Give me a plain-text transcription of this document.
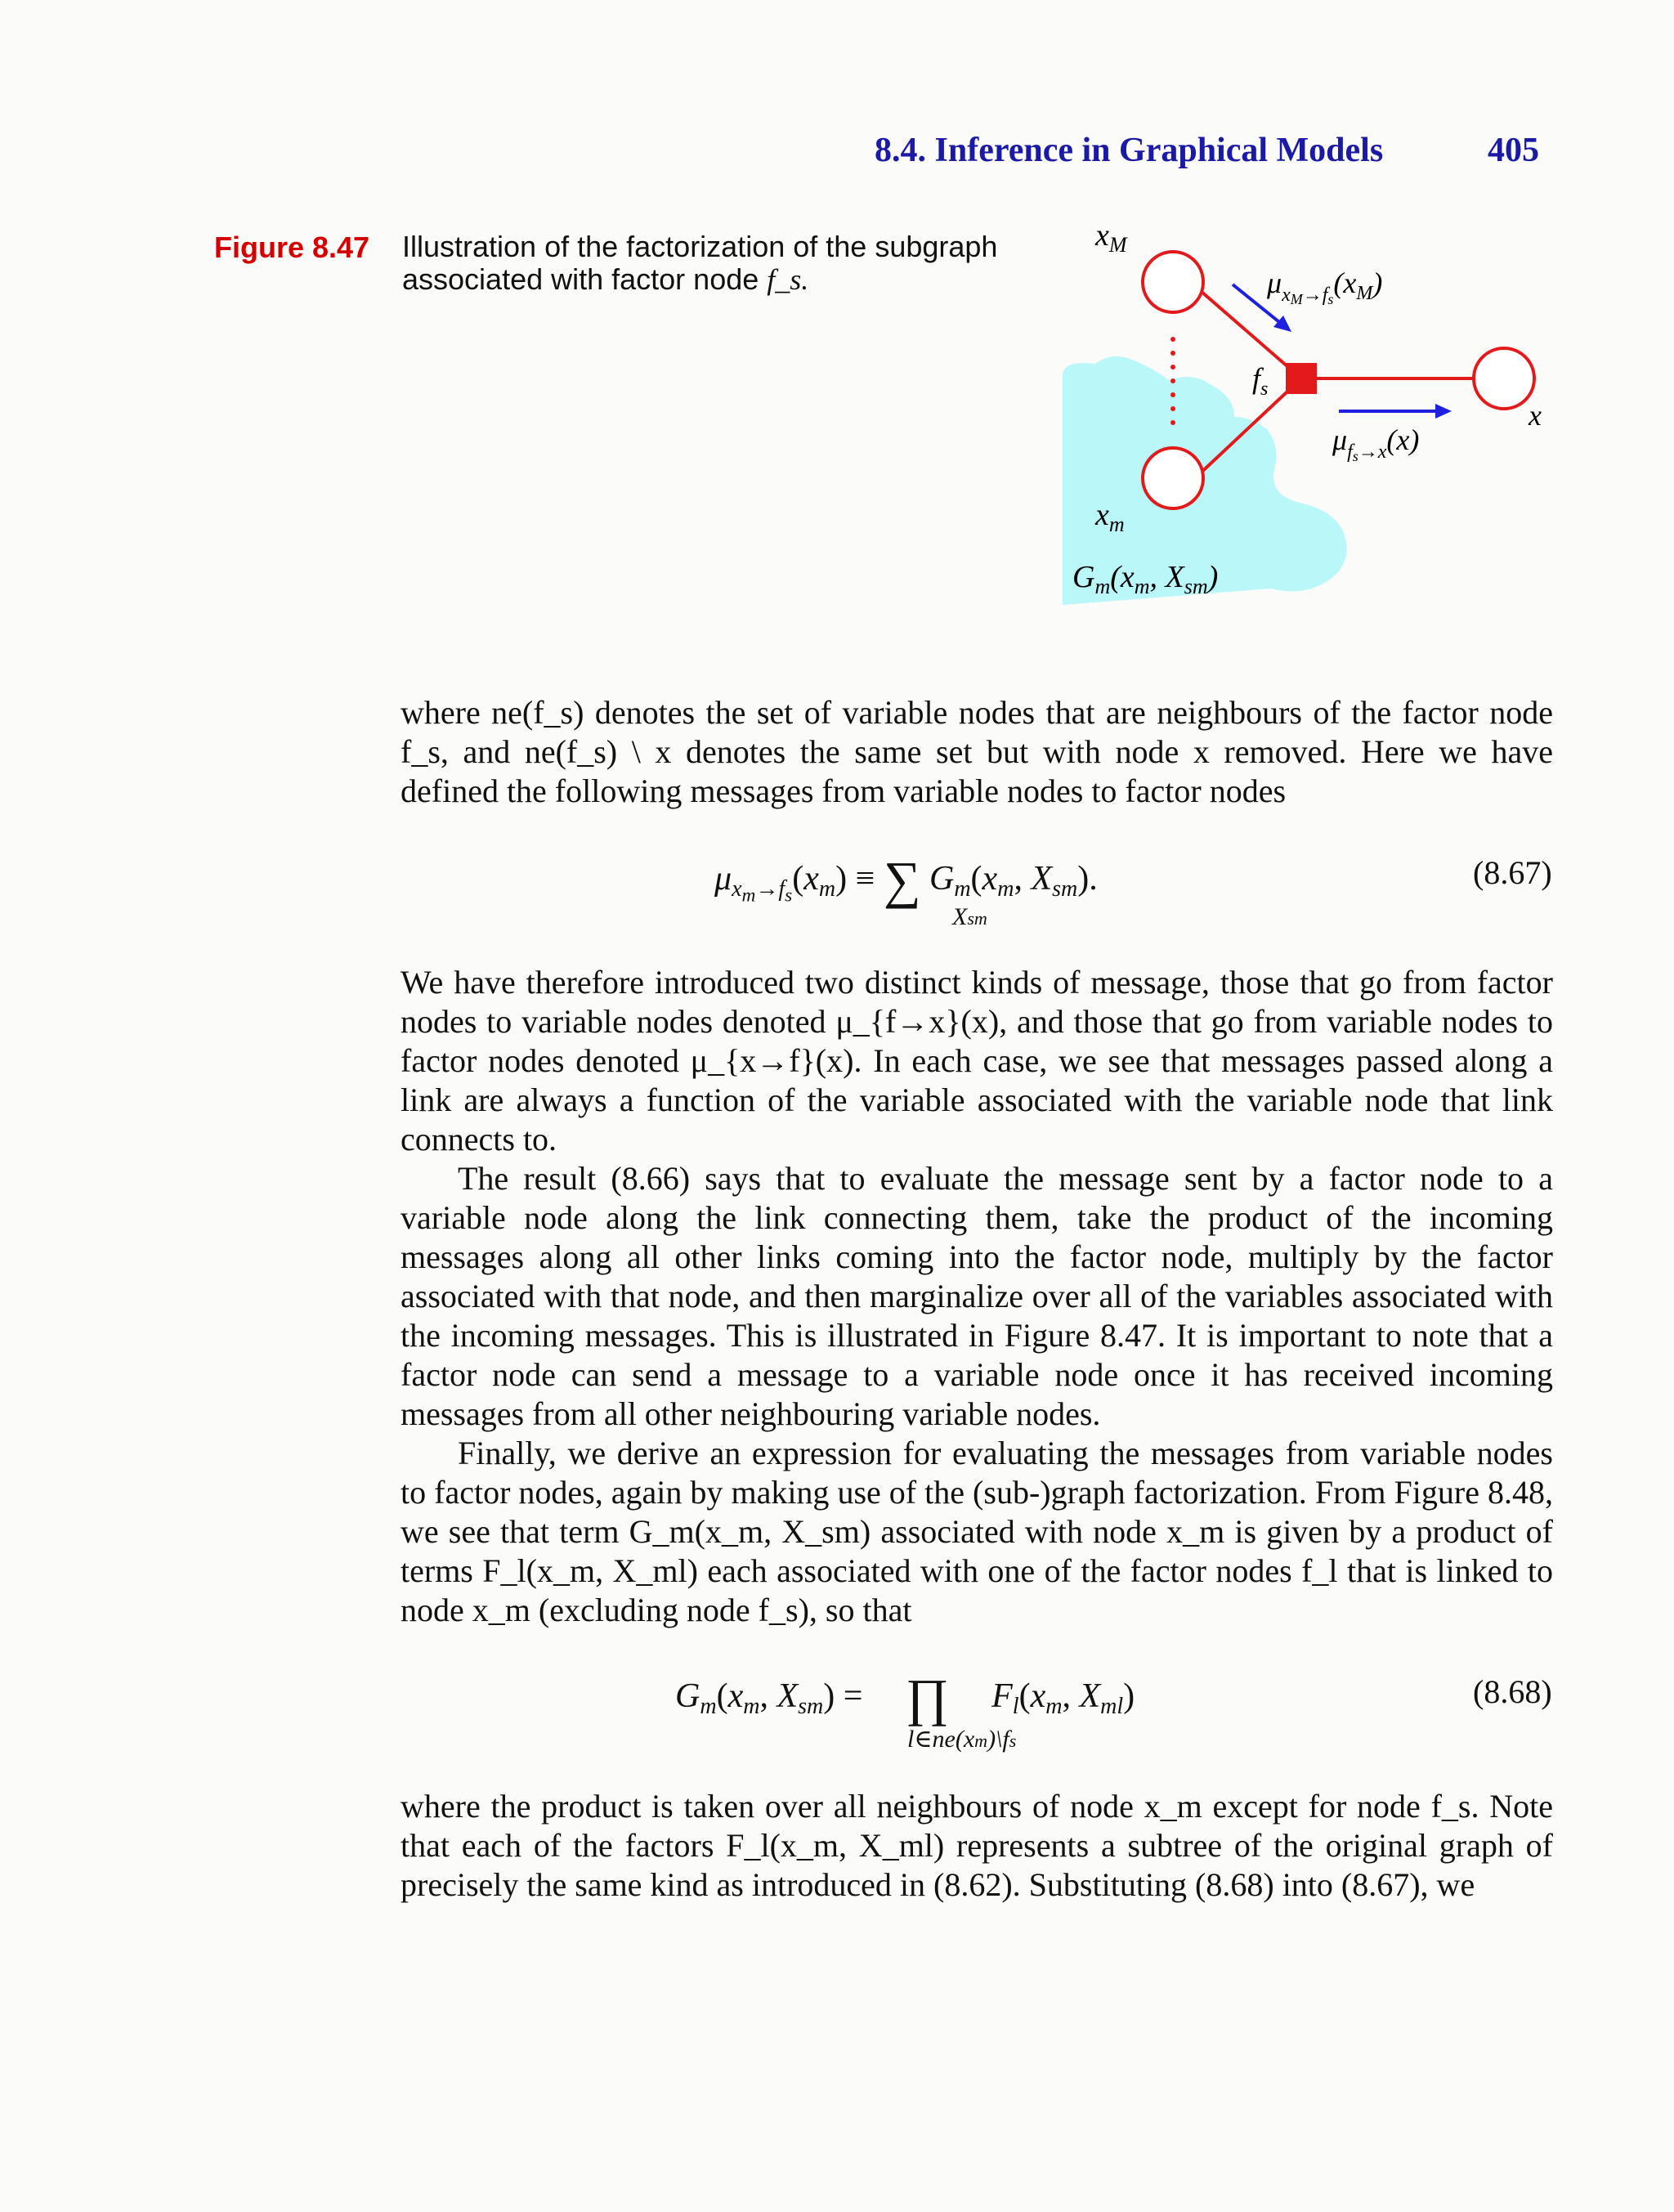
8.4. Inference in Graphical Models	405
Figure 8.47 Illustration of the factorization of the subgraph associated with factor node f_s.
$x_M$
$\mu_xM\to fs(x_M)$
$f_s$
x
$\mu_fs\to x(x)$
$x_m$
$G_m(x_m$, $X_{sm}$)

where ne(f_s) denotes the set of variable nodes that are neighbours of the factor node f_s, and ne(f_s) \ x denotes the same set but with node x removed. Here we have defined the following messages from variable nodes to factor nodes

$\mu_{x_m\to f_s}(x_m)$ ≡ ∑ $G_m(x_m$, $X_{sm}$).
Xsm
(8.67)

We have therefore introduced two distinct kinds of message, those that go from factor nodes to variable nodes denoted μ_{f→x}(x), and those that go from variable nodes to factor nodes denoted μ_{x→f}(x). In each case, we see that messages passed along a link are always a function of the variable associated with the variable node that link connects to.

The result (8.66) says that to evaluate the message sent by a factor node to a variable node along the link connecting them, take the product of the incoming messages along all other links coming into the factor node, multiply by the factor associated with that node, and then marginalize over all of the variables associated with the incoming messages. This is illustrated in Figure 8.47. It is important to note that a factor node can send a message to a variable node once it has received incoming messages from all other neighbouring variable nodes.

Finally, we derive an expression for evaluating the messages from variable nodes to factor nodes, again by making use of the (sub-)graph factorization. From Figure 8.48, we see that term G_m(x_m, X_sm) associated with node x_m is given by a product of terms F_l(x_m, X_ml) each associated with one of the factor nodes f_l that is linked to node x_m (excluding node f_s), so that

$G_m(x_m$, $X_{sm}$) =     ∏ $F_l(x_m$, $X_{ml}$)
l∈ne(xm)\fs
(8.68)

where the product is taken over all neighbours of node x_m except for node f_s. Note that each of the factors F_l(x_m, X_ml) represents a subtree of the original graph of precisely the same kind as introduced in (8.62). Substituting (8.68) into (8.67), we
